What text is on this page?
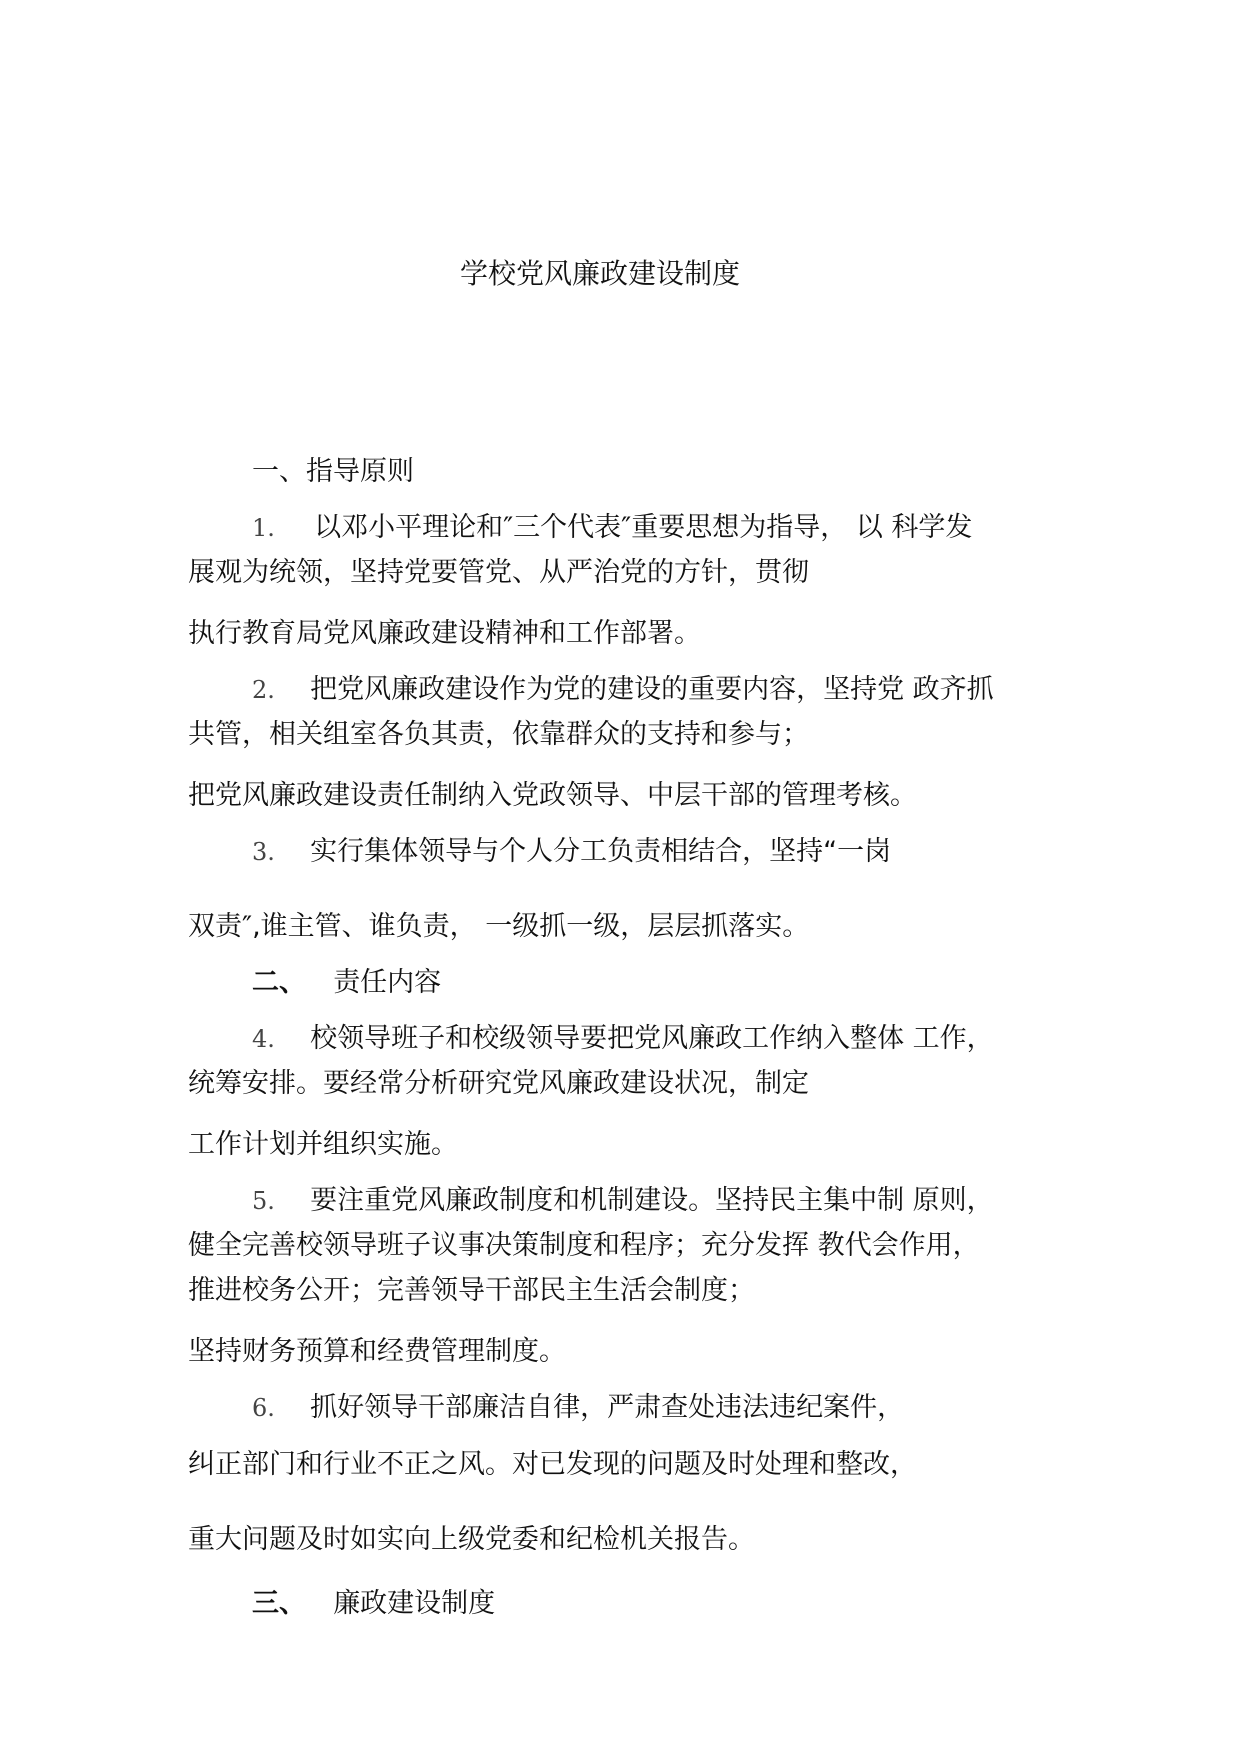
学校党风廉政建设制度
一、指导原则
1. 以邓小平理论和″三个代表″重要思想为指导， 以 科学发
展观为统领，坚持党要管党、从严治党的方针，贯彻
执行教育局党风廉政建设精神和工作部署。
2. 把党风廉政建设作为党的建设的重要内容，坚持党 政齐抓
共管，相关组室各负其责，依靠群众的支持和参与；
把党风廉政建设责任制纳入党政领导、中层干部的管理考核。
3. 实行集体领导与个人分工负责相结合，坚持“一岗
双责″,谁主管、谁负责， 一级抓一级，层层抓落实。
二、 责任内容
4. 校领导班子和校级领导要把党风廉政工作纳入整体 工作，
统筹安排。要经常分析研究党风廉政建设状况，制定
工作计划并组织实施。
5. 要注重党风廉政制度和机制建设。坚持民主集中制 原则，
健全完善校领导班子议事决策制度和程序；充分发挥 教代会作用，
推进校务公开；完善领导干部民主生活会制度；
坚持财务预算和经费管理制度。
6. 抓好领导干部廉洁自律，严肃查处违法违纪案件，
纠正部门和行业不正之风。对已发现的问题及时处理和整改，
重大问题及时如实向上级党委和纪检机关报告。
三、 廉政建设制度
